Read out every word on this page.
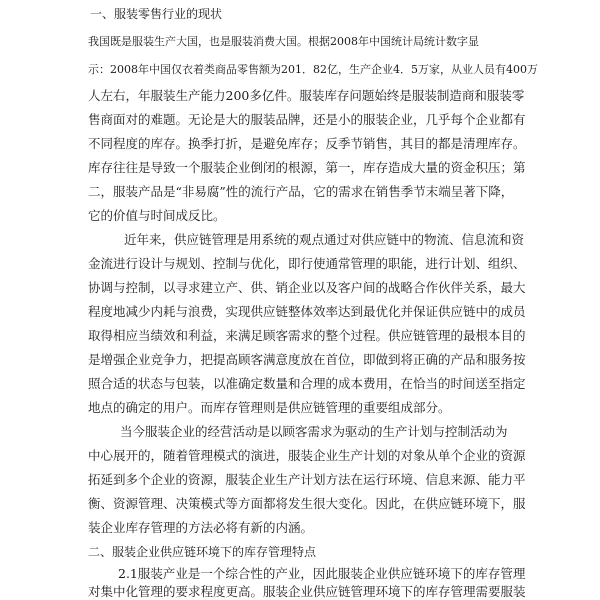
一、服装零售行业的现状
我国既是服装生产大国，也是服装消费大国。根据2008年中国统计局统计数字显
示：2008年中国仅衣着类商品零售额为201．82亿，生产企业4．5万家，从业人员有400万
人左右，年服装生产能力200多亿件。服装库存问题始终是服装制造商和服装零
售商面对的难题。无论是大的服装品牌，还是小的服装企业，几乎每个企业都有
不同程度的库存。换季打折，是避免库存；反季节销售，其目的都是清理库存。
库存往往是导致一个服装企业倒闭的根源，第一，库存造成大量的资金积压；第
二，服装产品是“非易腐”性的流行产品，它的需求在销售季节末端呈著下降，
它的价值与时间成反比。
近年来，供应链管理是用系统的观点通过对供应链中的物流、信息流和资
金流进行设计与规划、控制与优化，即行使通常管理的职能，进行计划、组织、
协调与控制，以寻求建立产、供、销企业以及客户间的战略合作伙伴关系，最大
程度地减少内耗与浪费，实现供应链整体效率达到最优化并保证供应链中的成员
取得相应当绩效和利益，来满足顾客需求的整个过程。供应链管理的最根本目的
是增强企业竞争力，把提高顾客满意度放在首位，即做到将正确的产品和服务按
照合适的状态与包装，以准确定数量和合理的成本费用，在恰当的时间送至指定
地点的确定的用户。而库存管理则是供应链管理的重要组成部分。
当今服装企业的经营活动是以顾客需求为驱动的生产计划与控制活动为
中心展开的，随着管理模式的演进，服装企业生产计划的对象从单个企业的资源
拓延到多个企业的资源，服装企业生产计划方法在运行环境、信息来源、能力平
衡、资源管理、决策模式等方面都将发生很大变化。因此，在供应链环境下，服
装企业库存管理的方法必将有新的内涵。
二、服装企业供应链环境下的库存管理特点
2.1服装产业是一个综合性的产业，因此服装企业供应链环境下的库存管理
对集中化管理的要求程度更高。服装企业供应链管理环境下的库存管理需要服装
